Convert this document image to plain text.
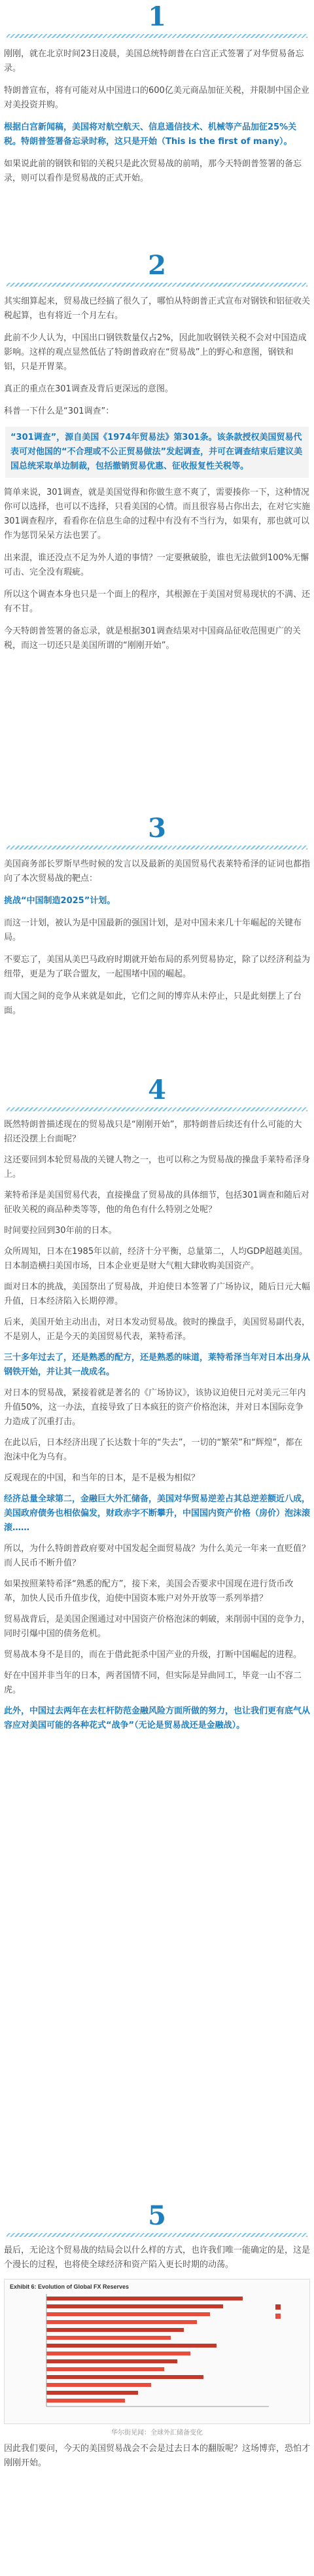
1

刚刚，就在北京时间23日凌晨，美国总统特朗普在白宫正式签署了对华贸易备忘录。

特朗普宣布，将有可能对从中国进口的600亿美元商品加征关税，并限制中国企业对美投资并购。

根据白宫新闻稿，美国将对航空航天、信息通信技术、机械等产品加征25%关税。特朗普签署备忘录时称，这只是开始（This is the first of many）。

如果说此前的钢铁和铝的关税只是此次贸易战的前哨，那今天特朗普签署的备忘录，则可以看作是贸易战的正式开始。

2

其实细算起来，贸易战已经搞了很久了，哪怕从特朗普正式宣布对钢铁和铝征收关税起算，也有将近一个月左右。

此前不少人认为，中国出口钢铁数量仅占2%，因此加收钢铁关税不会对中国造成影响。这样的观点显然低估了特朗普政府在“贸易战”上的野心和意图，钢铁和铝，只是开胃菜。

真正的重点在301调查及背后更深远的意图。

科普一下什么是“301调查”：

“301调查”，源自美国《1974年贸易法》第301条。该条款授权美国贸易代表可对他国的“不合理或不公正贸易做法”发起调查，并可在调查结束后建议美国总统采取单边制裁，包括撤销贸易优惠、征收报复性关税等。

简单来说，301调查，就是美国觉得和你做生意不爽了，需要揍你一下，这种情况你可以选择，也可以不选择，只看美国的心情。而且很容易占你出去，在对它实施301调查程序，看看你在信息生命的过程中有没有不当行为，如果有，那也就可以作为惩罚呆呆方法也罢了。

出来混，谁还没点不足为外人道的事情？一定要揪破脸，谁也无法做到100%无懈可击、完全没有瑕疵。

所以这个调查本身也只是一个面上的程序，其根源在于美国对贸易现状的不满、还有不甘。

今天特朗普签署的备忘录，就是根据301调查结果对中国商品征收范围更广的关税，而这一切还只是美国所谓的“刚刚开始”。

3

美国商务部长罗斯早些时候的发言以及最新的美国贸易代表莱特希泽的证词也都指向了本次贸易战的靶点：

挑战“中国制造2025”计划。

而这一计划，被认为是中国最新的强国计划，是对中国未来几十年崛起的关键布局。

不要忘了，美国从美巴马政府时期就开始布局的系列贸易协定，除了以经济利益为纽带，更是为了联合盟友，一起围堵中国的崛起。

而大国之间的竞争从来就是如此，它们之间的博弈从未停止，只是此刻摆上了台面。

4

既然特朗普描述现在的贸易战只是“刚刚开始”，那特朗普后续还有什么可能的大招还没摆上台面呢？

这还要回到本轮贸易战的关键人物之一，也可以称之为贸易战的操盘手莱特希泽身上。

莱特希泽是美国贸易代表，直接操盘了贸易战的具体细节，包括301调查和随后对征收关税的商品种类等等，他的角色有什么特别之处呢？

时间要拉回到30年前的日本。

众所周知，日本在1985年以前，经济十分平衡，总量第二，人均GDP超越美国。日本制造横扫美国市场，日本企业更是财大气粗大肆收购美国资产。

面对日本的挑战，美国祭出了贸易战，并迫使日本签署了广场协议，随后日元大幅升值，日本经济陷入长期停滞。

后来，美国开始主动出击，对日本发动贸易战。彼时的操盘手，美国贸易副代表，不是别人，正是今天的美国贸易代表，莱特希泽。

三十多年过去了，还是熟悉的配方，还是熟悉的味道，莱特希泽当年对日本出身从钢铁开始，并让其一战成名。

对日本的贸易战，紧接着就是著名的《广场协议》，该协议迫使日元对美元三年内升值50%，这一办法，直接导致了日本疯狂的资产价格泡沫，并对日本国际竞争力造成了沉重打击。

在此以后，日本经济出现了长达数十年的“失去”，一切的“繁荣”和“辉煌”，都在泡沫中化为乌有。

反观现在的中国，和当年的日本，是不是极为相似？

经济总量全球第二，金融巨大外汇储备，美国对华贸易逆差占其总逆差额近八成，美国政府债务也相依偏发，财政赤字不断攀升，中国国内资产价格（房价）泡沫滚滚……

所以，为什么特朗普政府要对中国发起全面贸易战？为什么美元一年来一直贬值？而人民币不断升值？

如果按照莱特希泽“熟悉的配方”，接下来，美国会否要求中国现在进行货币改革，加快人民币升值步伐，迫使中国资本账户对外开放等一系列举措？

贸易战背后，是美国企图通过对中国资产价格泡沫的刺破，来削弱中国的竞争力，同时引爆中国的债务危机。

贸易战本身不是目的，而在于借此扼杀中国产业的升级，打断中国崛起的进程。

好在中国并非当年的日本，两者国情不同，但实际是异曲同工，毕竟一山不容二虎。

此外，中国过去两年在去杠杆防范金融风险方面所做的努力，也让我们更有底气从容应对美国可能的各种花式“战争”（无论是贸易战还是金融战）。

5

最后，无论这个贸易战的结局会以什么样的方式，也许我们唯一能确定的是，这是个漫长的过程，也将使全球经济和资产陷入更长时期的动荡。

Exhibit 6: Evolution of Global FX Reserves
华尔街见闻：全球外汇储备变化

因此我们要问，今天的美国贸易战会不会是过去日本的翻版呢？这场博弈，恐怕才刚刚开始。
